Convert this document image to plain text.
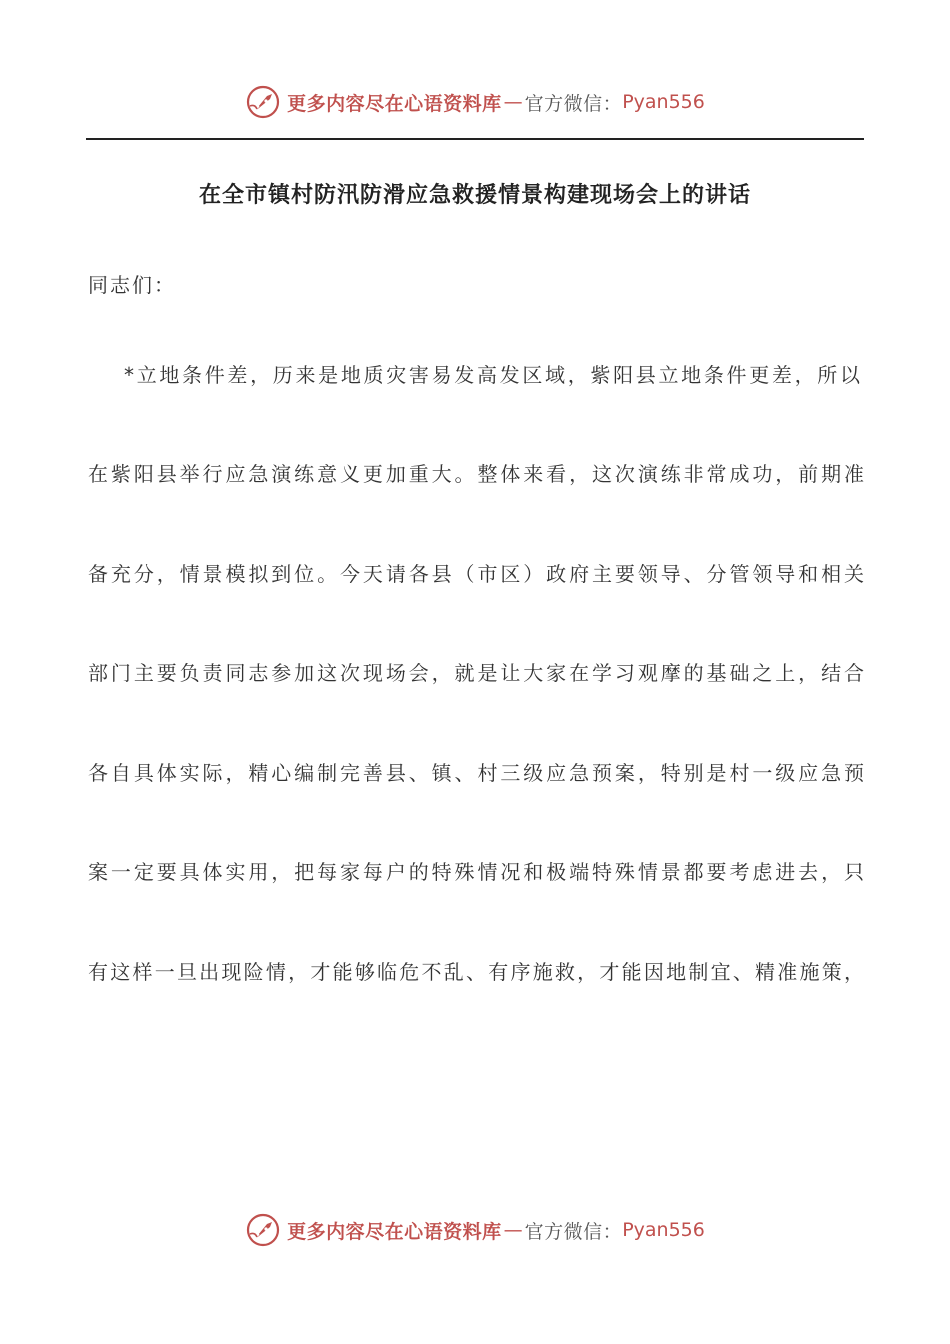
更多内容尽在心语资料库 — 官方微信： Pyan556
在全市镇村防汛防滑应急救援情景构建现场会上的讲话
同志们：
*立地条件差，历来是地质灾害易发高发区域，紫阳县立地条件更差，所以
在紫阳县举行应急演练意义更加重大。整体来看，这次演练非常成功，前期准
备充分，情景模拟到位。今天请各县（市区）政府主要领导、分管领导和相关
部门主要负责同志参加这次现场会，就是让大家在学习观摩的基础之上，结合
各自具体实际，精心编制完善县、镇、村三级应急预案，特别是村一级应急预
案一定要具体实用，把每家每户的特殊情况和极端特殊情景都要考虑进去，只
有这样一旦出现险情，才能够临危不乱、有序施救，才能因地制宜、精准施策，
更多内容尽在心语资料库 — 官方微信： Pyan556
